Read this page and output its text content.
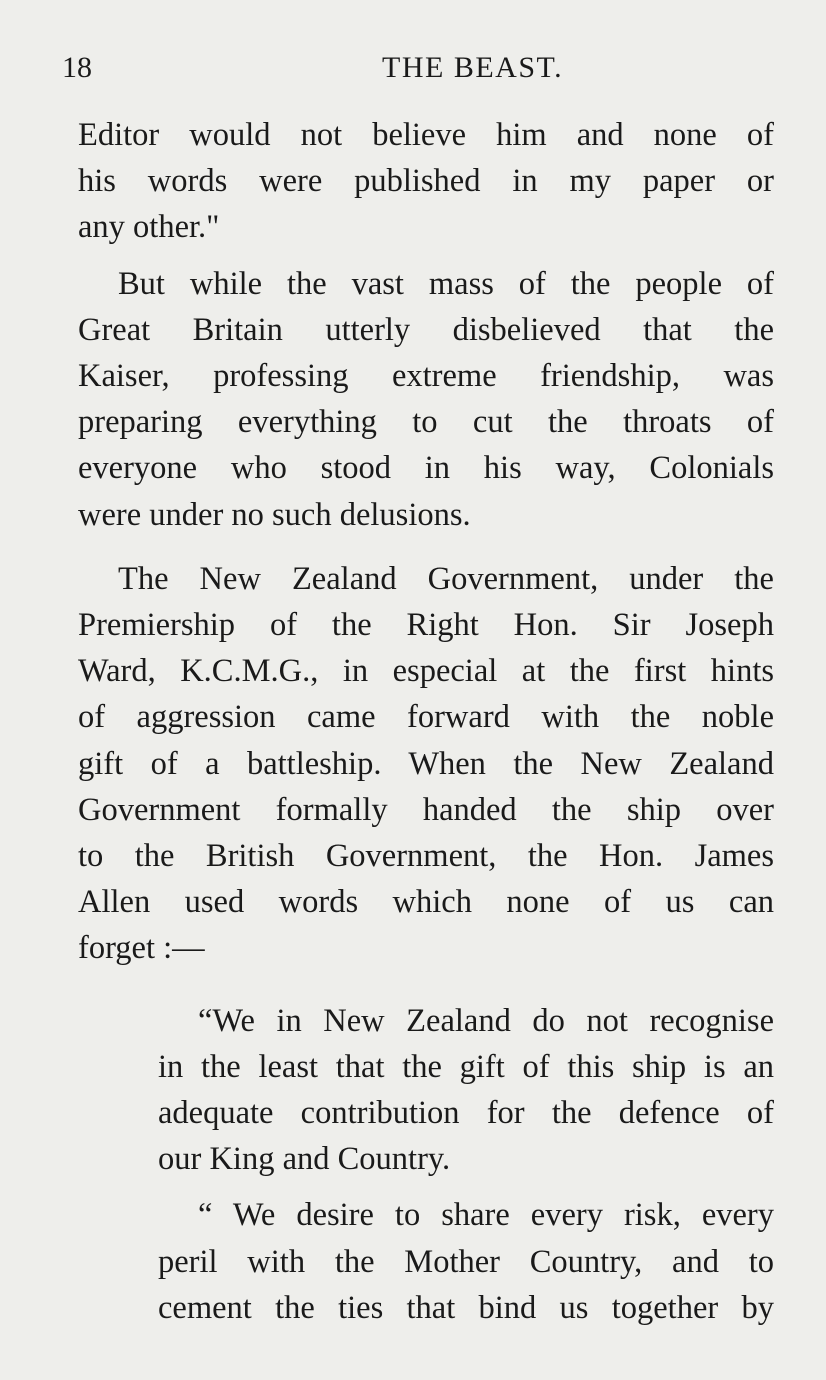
18	THE BEAST.

Editor would not believe him and none of
his words were published in my paper or
any other."

But while the vast mass of the people of
Great Britain utterly disbelieved that the
Kaiser, professing extreme friendship, was
preparing everything to cut the throats of
everyone who stood in his way, Colonials
were under no such delusions.

The New Zealand Government, under the
Premiership of the Right Hon. Sir Joseph
Ward, K.C.M.G., in especial at the first hints
of aggression came forward with the noble
gift of a battleship. When the New Zealand
Government formally handed the ship over
to the British Government, the Hon. James
Allen used words which none of us can
forget :—

“We in New Zealand do not recognise
in the least that the gift of this ship is an
adequate contribution for the defence of
our King and Country.

“ We desire to share every risk, every
peril with the Mother Country, and to
cement the ties that bind us together by
